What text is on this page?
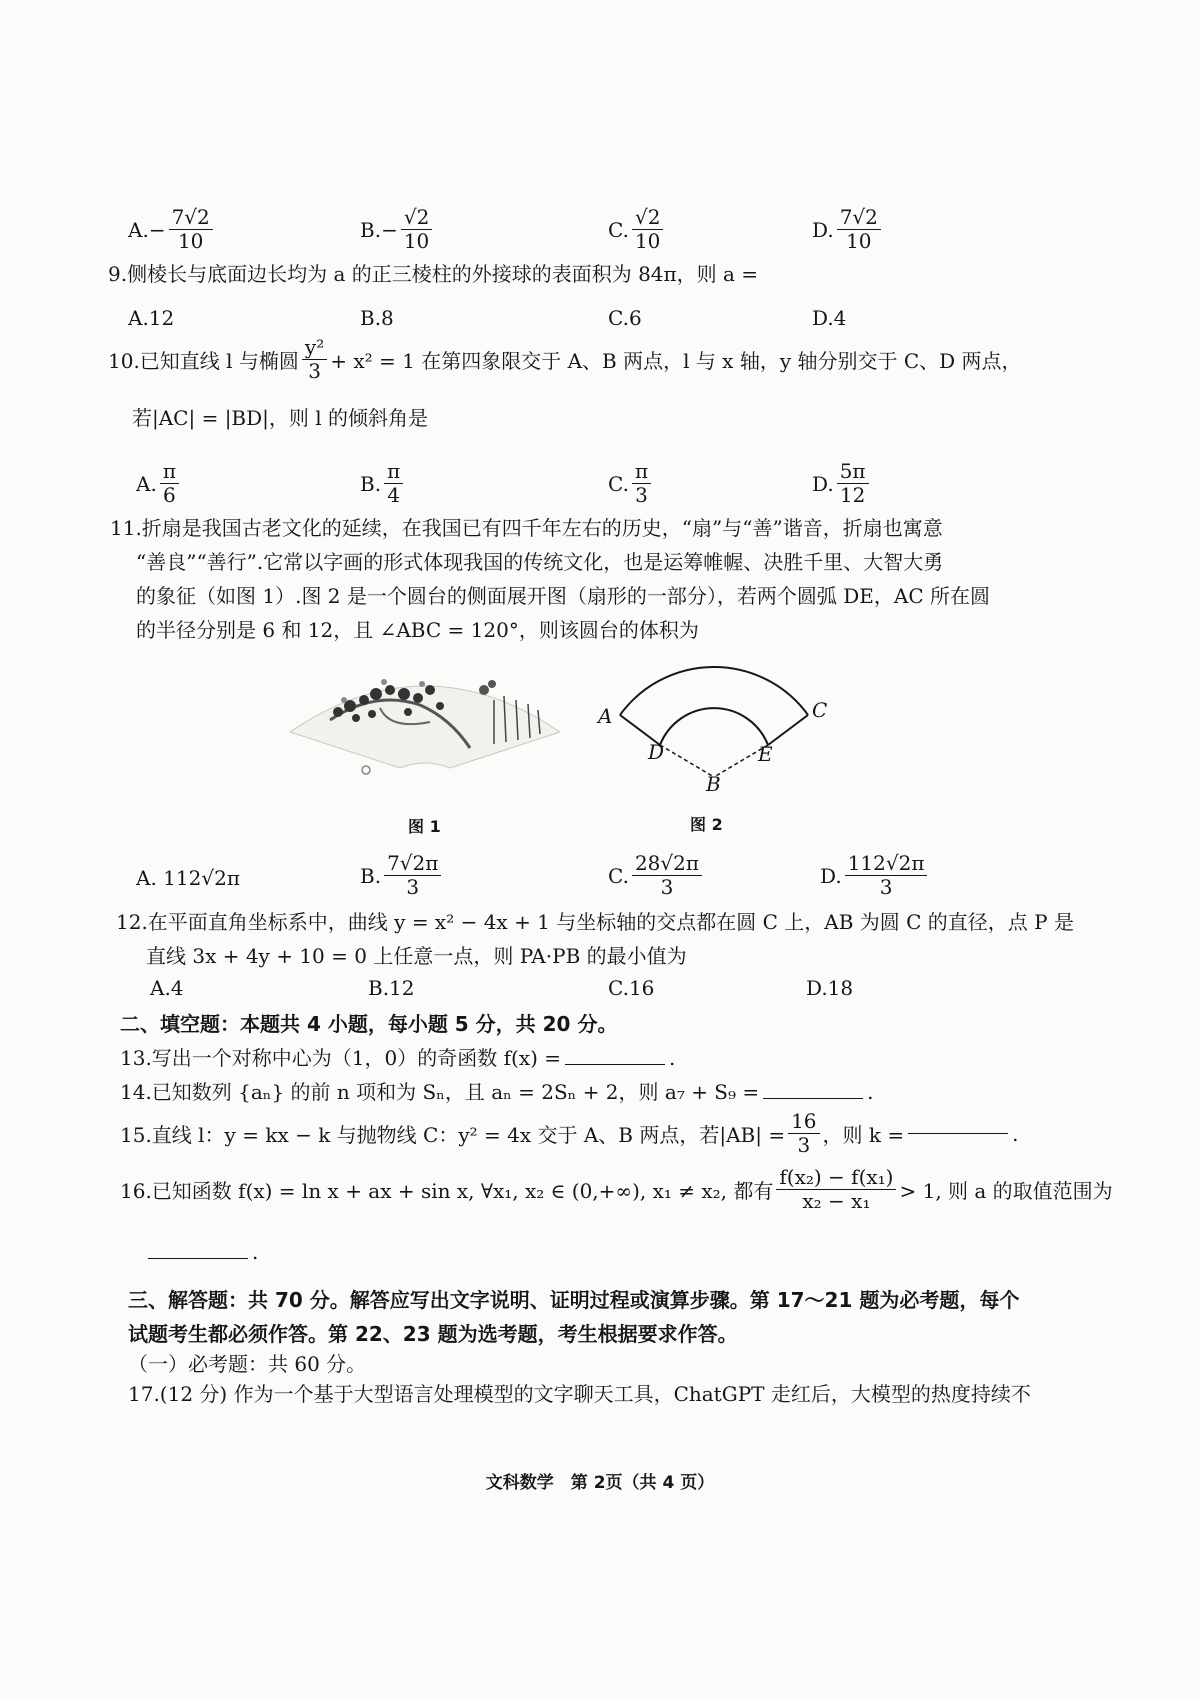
A. − $\frac{7√2}{10}$	B. − $\frac{√2}{10}$	C. $\frac{√2}{10}$	D. $\frac{7√2}{10}$
9.侧棱长与底面边长均为 a 的正三棱柱的外接球的表面积为 84π，则 a =
A.12	B.8	C.6	D.4
10.已知直线 l 与椭圆 $\frac{\text{y²}}{3} + x^2 = 1$ 在第四象限交于 A、B 两点，l 与 x 轴，y 轴分别交于 C、D 两点，
若|AC| = |BD|，则 l 的倾斜角是
A. $\frac{\pi}{6}$	B. $\frac{\pi}{4}$	C. $\frac{\pi}{3}$	D. $\frac{5\pi}{12}$
11.折扇是我国古老文化的延续，在我国已有四千年左右的历史，“扇”与“善”谐音，折扇也寓意
“善良”“善行”.它常以字画的形式体现我国的传统文化，也是运筹帷幄、决胜千里、大智大勇
的象征（如图 1）.图 2 是一个圆台的侧面展开图（扇形的一部分），若两个圆弧 DE，AC 所在圆
的半径分别是 6 和 12，且 ∠ABC = 120°，则该圆台的体积为
图 1
A	C
D	E
B
图 2
A.
112√2π	B. $\frac{7√2\pi}{3}$	C. $\frac{28√2\pi}{3}$	D. $\frac{112√2\pi}{3}$
12.在平面直角坐标系中，曲线 y = x² − 4x + 1 与坐标轴的交点都在圆 C 上，AB 为圆 C 的直径，点 P 是
直线 3x + 4y + 10 = 0 上任意一点，则 PA·PB 的最小值为
A.4	B.12	C.16	D.18
二、填空题：本题共 4 小题，每小题 5 分，共 20 分。
13.写出一个对称中心为（1，0）的奇函数 f(x) =	.
14.已知数列 {aₙ} 的前 n 项和为 Sₙ，且 aₙ = 2Sₙ + 2，则 a₇ + S₉ =	.
15.直线 l：y = kx − k 与抛物线 C：y² = 4x 交于 A、B 两点，若$|AB| = \frac{16}{3}$ ，则 k =	.
16.已知函数 f(x) = ln x + ax + sin x, ∀x₁, x₂ ∈ (0,+∞), x₁ ≠ x₂, 都有 $\frac{\text{f(x₂) − f(x₁)}}{\text{x₂ − x₁}} > 1$, 则 a 的取值范围为
.
三、解答题：共 70 分。解答应写出文字说明、证明过程或演算步骤。第 17～21 题为必考题，每个
试题考生都必须作答。第 22、23 题为选考题，考生根据要求作答。
（一）必考题：共 60 分。
17.(12 分) 作为一个基于大型语言处理模型的文字聊天工具，ChatGPT 走红后，大模型的热度持续不
文科数学　第 2页（共 4 页）
